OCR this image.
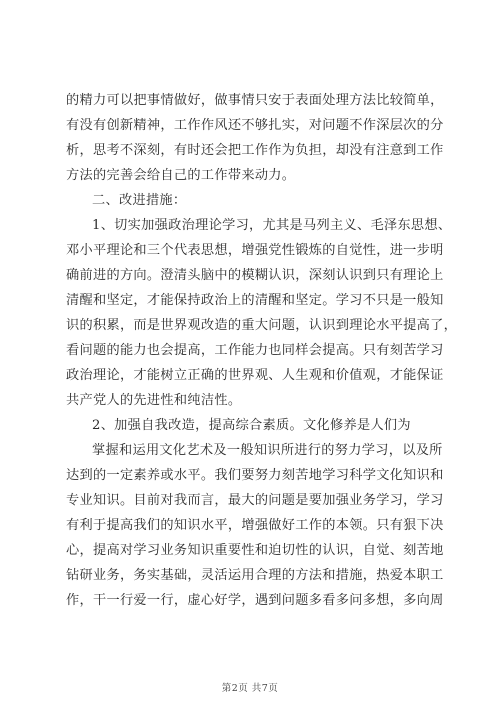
的精力可以把事情做好，做事情只安于表面处理方法比较简单，
有没有创新精神，工作作风还不够扎实，对问题不作深层次的分
析，思考不深刻，有时还会把工作作为负担，却没有注意到工作
方法的完善会给自己的工作带来动力。
二、改进措施：
1、切实加强政治理论学习，尤其是马列主义、毛泽东思想、
邓小平理论和三个代表思想，增强党性锻炼的自觉性，进一步明
确前进的方向。澄清头脑中的模糊认识，深刻认识到只有理论上
清醒和坚定，才能保持政治上的清醒和坚定。学习不只是一般知
识的积累，而是世界观改造的重大问题，认识到理论水平提高了，
看问题的能力也会提高，工作能力也同样会提高。只有刻苦学习
政治理论，才能树立正确的世界观、人生观和价值观，才能保证
共产党人的先进性和纯洁性。
2、加强自我改造，提高综合素质。文化修养是人们为
掌握和运用文化艺术及一般知识所进行的努力学习，以及所
达到的一定素养或水平。我们要努力刻苦地学习科学文化知识和
专业知识。目前对我而言，最大的问题是要加强业务学习，学习
有利于提高我们的知识水平，增强做好工作的本领。只有狠下决
心，提高对学习业务知识重要性和迫切性的认识，自觉、刻苦地
钻研业务，务实基础，灵活运用合理的方法和措施，热爱本职工
作，干一行爱一行，虚心好学，遇到问题多看多问多想，多向周
第2页 共7页
